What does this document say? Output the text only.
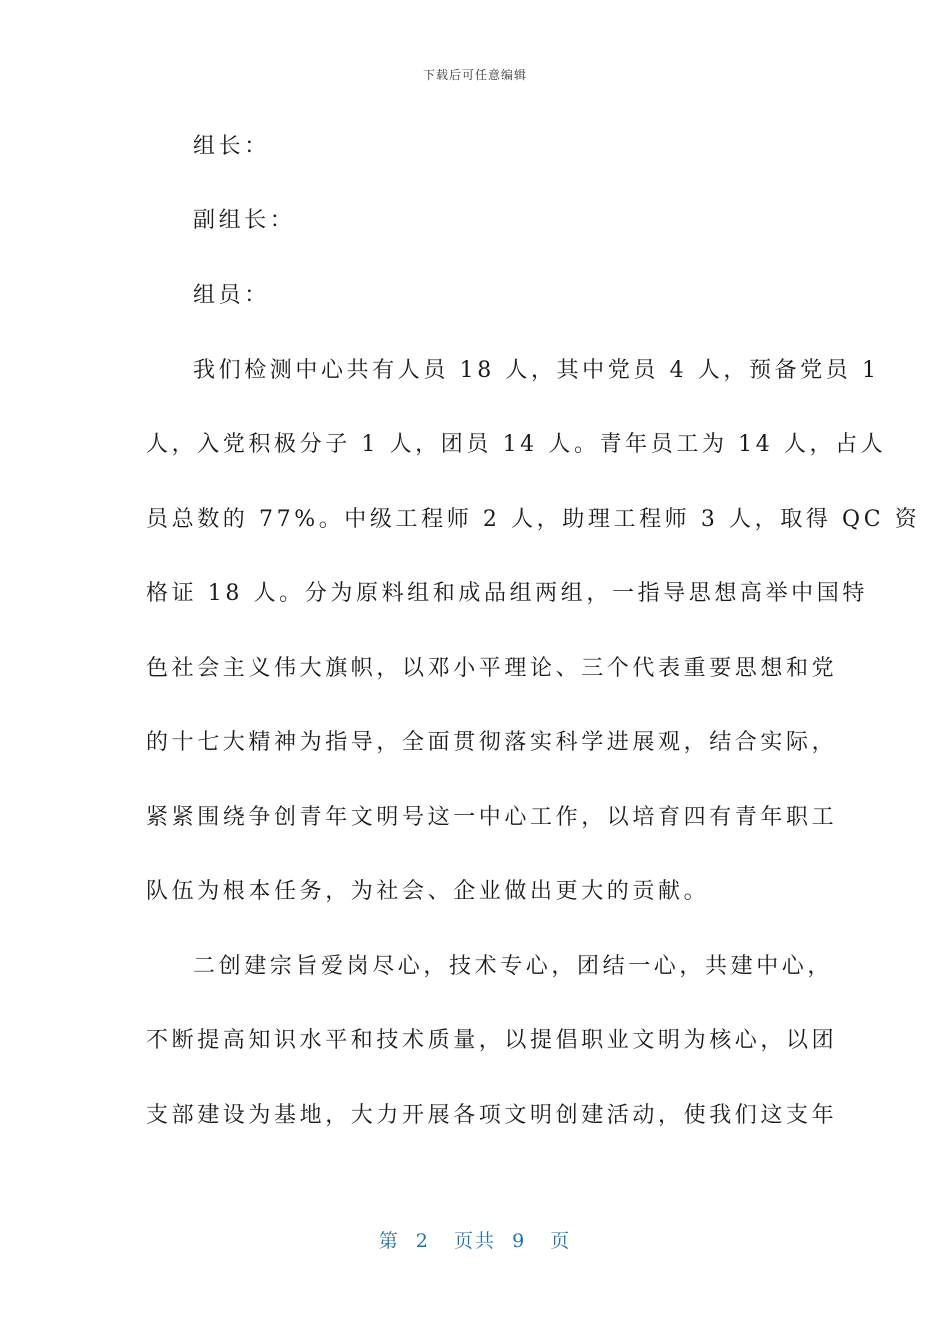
下载后可任意编辑
组长：
副组长：
组员：
我们检测中心共有人员 18 人，其中党员 4 人，预备党员 1
人，入党积极分子 1 人，团员 14 人。青年员工为 14 人，占人
员总数的 77%。中级工程师 2 人，助理工程师 3 人，取得 QC 资
格证 18 人。分为原料组和成品组两组，一指导思想高举中国特
色社会主义伟大旗帜，以邓小平理论、三个代表重要思想和党
的十七大精神为指导，全面贯彻落实科学进展观，结合实际，
紧紧围绕争创青年文明号这一中心工作，以培育四有青年职工
队伍为根本任务，为社会、企业做出更大的贡献。
二创建宗旨爱岗尽心，技术专心，团结一心，共建中心，
不断提高知识水平和技术质量，以提倡职业文明为核心，以团
支部建设为基地，大力开展各项文明创建活动，使我们这支年
第  2   页共  9   页
